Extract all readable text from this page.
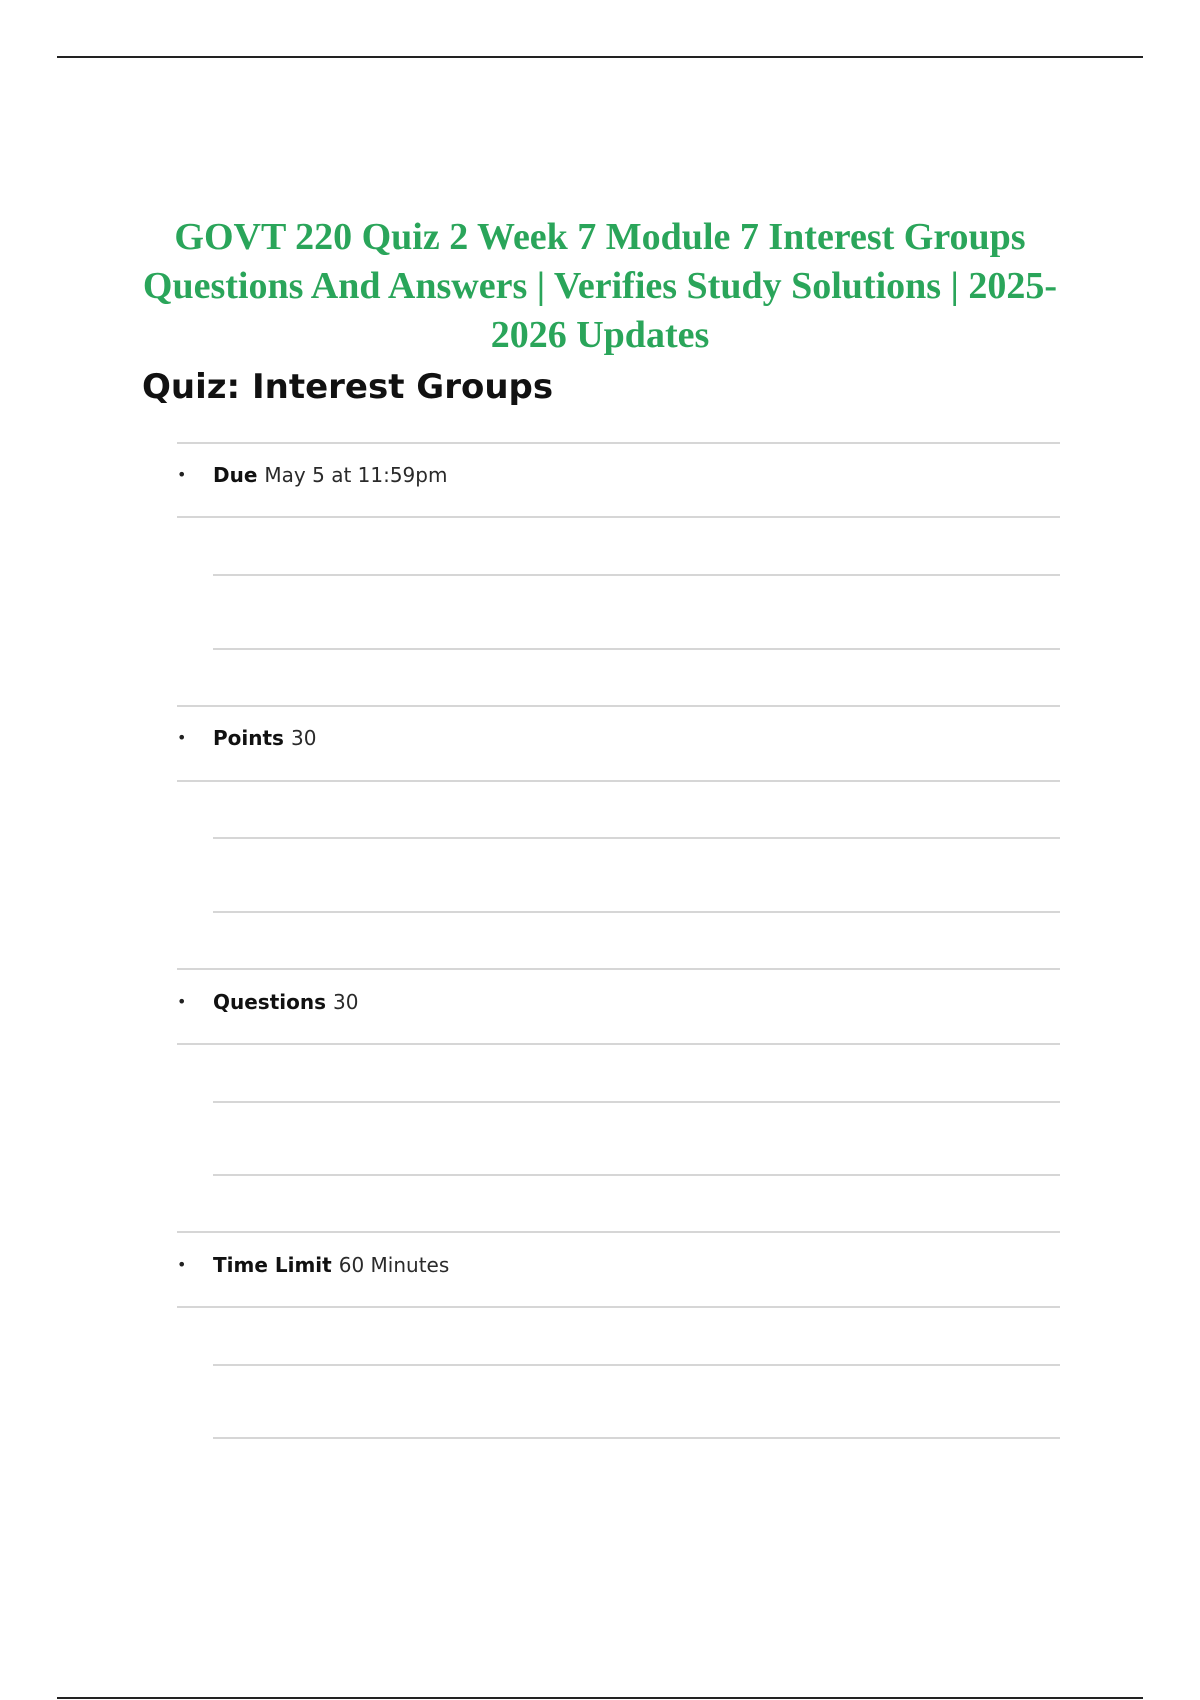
GOVT 220 Quiz 2 Week 7 Module 7 Interest Groups Questions And Answers | Verifies Study Solutions | 2025-2026 Updates
Quiz: Interest Groups
•	Due May 5 at 11:59pm
•	Points 30
•	Questions 30
•	Time Limit 60 Minutes
